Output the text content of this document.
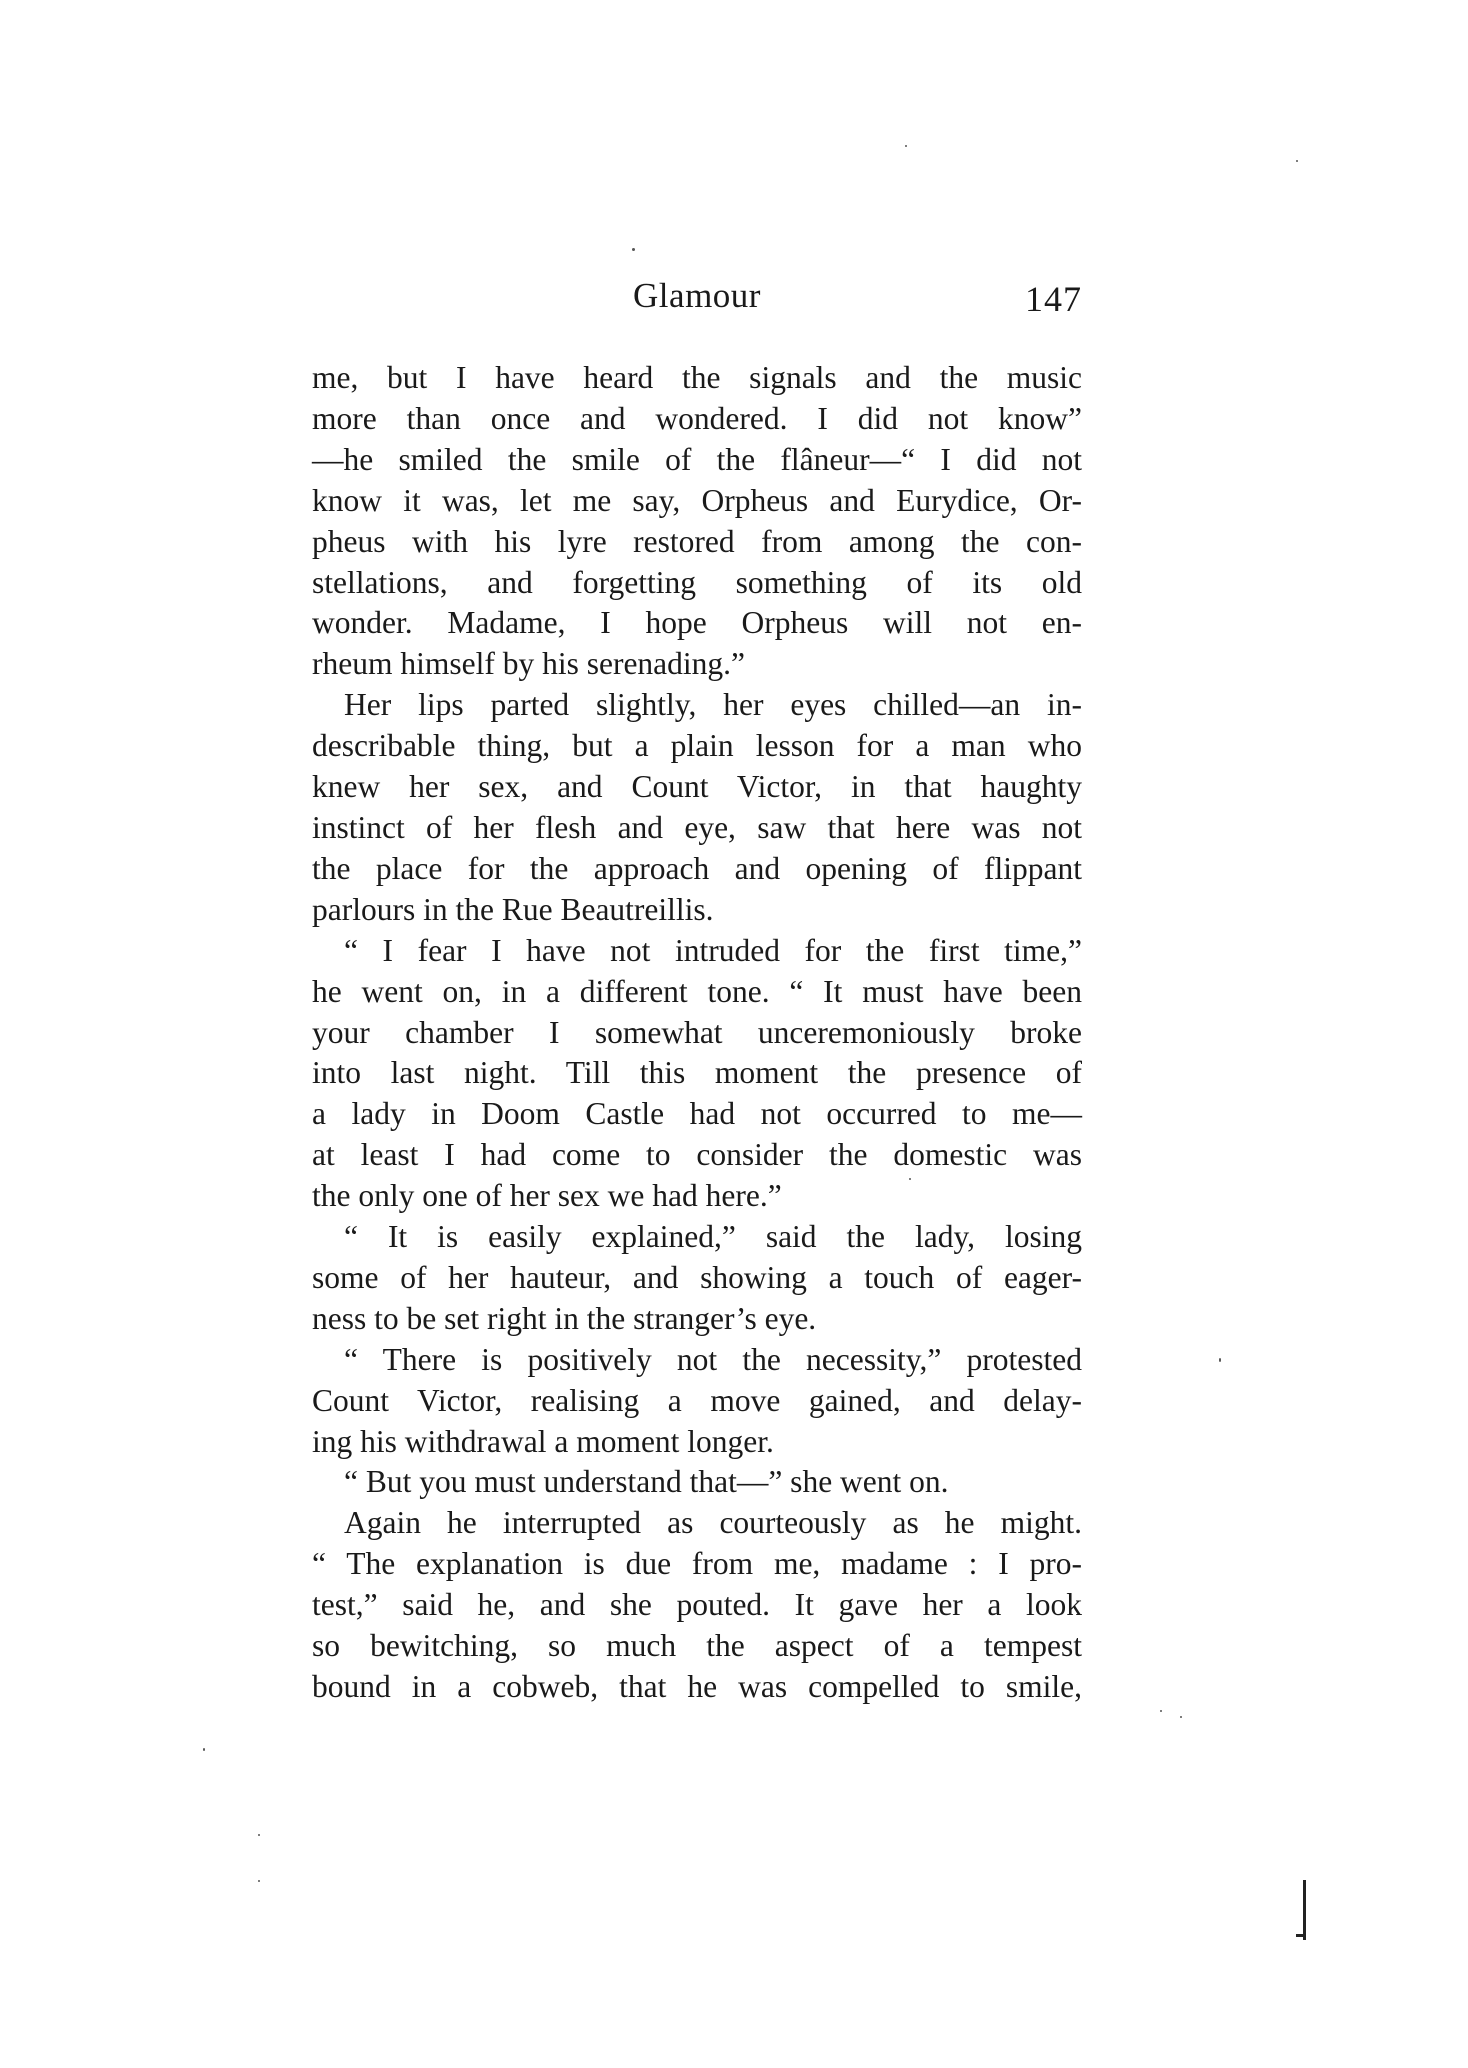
Glamour	147
me, but I have heard the signals and the music
more than once and wondered. I did not know”
—he smiled the smile of the flâneur—“ I did not
know it was, let me say, Orpheus and Eurydice, Or-
pheus with his lyre restored from among the con-
stellations, and forgetting something of its old
wonder. Madame, I hope Orpheus will not en-
rheum himself by his serenading.”
Her lips parted slightly, her eyes chilled—an in-
describable thing, but a plain lesson for a man who
knew her sex, and Count Victor, in that haughty
instinct of her flesh and eye, saw that here was not
the place for the approach and opening of flippant
parlours in the Rue Beautreillis.
“ I fear I have not intruded for the first time,”
he went on, in a different tone. “ It must have been
your chamber I somewhat unceremoniously broke
into last night. Till this moment the presence of
a lady in Doom Castle had not occurred to me—
at least I had come to consider the domestic was
the only one of her sex we had here.”
“ It is easily explained,” said the lady, losing
some of her hauteur, and showing a touch of eager-
ness to be set right in the stranger’s eye.
“ There is positively not the necessity,” protested
Count Victor, realising a move gained, and delay-
ing his withdrawal a moment longer.
“ But you must understand that—” she went on.
Again he interrupted as courteously as he might.
“ The explanation is due from me, madame : I pro-
test,” said he, and she pouted. It gave her a look
so bewitching, so much the aspect of a tempest
bound in a cobweb, that he was compelled to smile,
